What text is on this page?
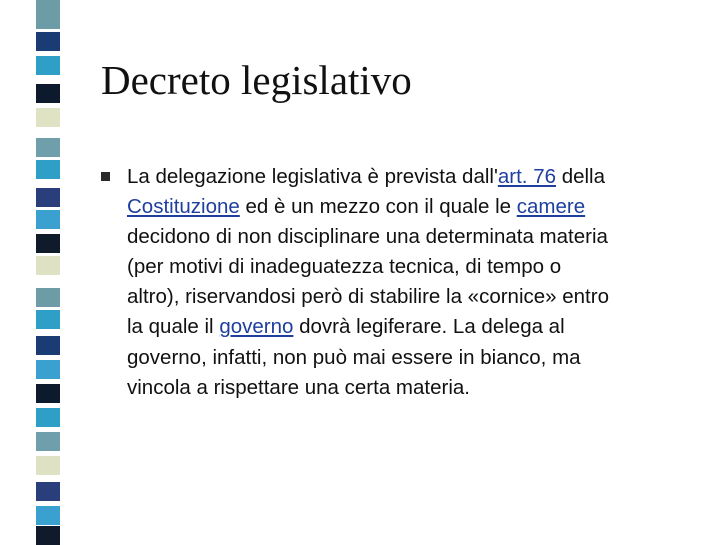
Decreto legislativo

La delegazione legislativa è prevista dall'art. 76 della
Costituzione ed è un mezzo con il quale le camere
decidono di non disciplinare una determinata materia
(per motivi di inadeguatezza tecnica, di tempo o
altro), riservandosi però di stabilire la «cornice» entro
la quale il governo dovrà legiferare. La delega al
governo, infatti, non può mai essere in bianco, ma
vincola a rispettare una certa materia.
